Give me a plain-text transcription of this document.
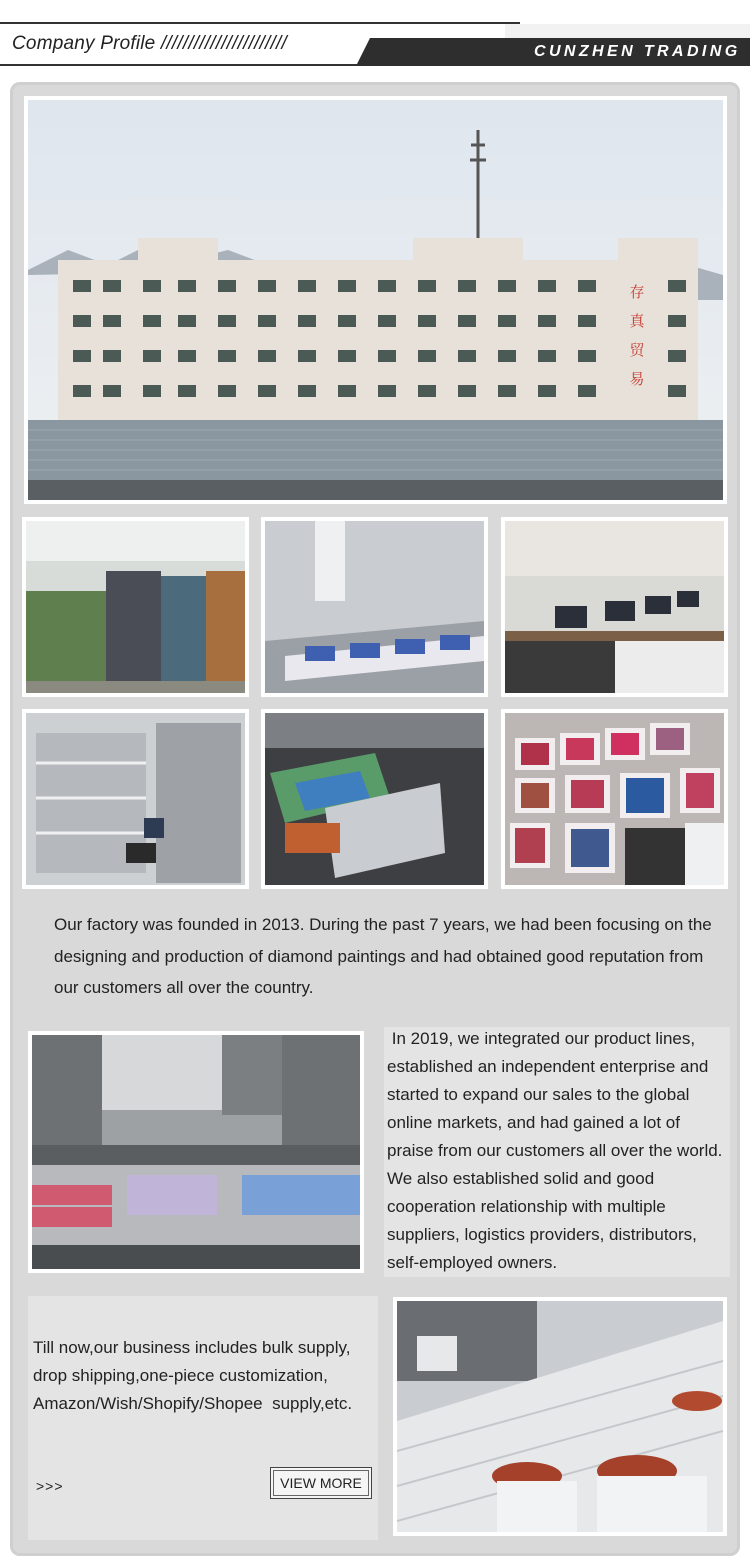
Company Profile ///////////////////////	CUNZHEN TRADING
存
真
贸
易
Our factory was founded in 2013. During the past 7 years, we had been focusing on the designing and production of diamond paintings and had obtained good reputation from our customers all over the country.
In 2019, we integrated our product lines, established an independent enterprise and started to expand our sales to the global online markets, and had gained a lot of praise from our customers all over the world. We also established solid and good cooperation relationship with multiple suppliers, logistics providers, distributors, self-employed owners.
Till now,our business includes bulk supply, drop shipping,one-piece customization, Amazon/Wish/Shopify/Shopee  supply,etc.
>>>	VIEW MORE
